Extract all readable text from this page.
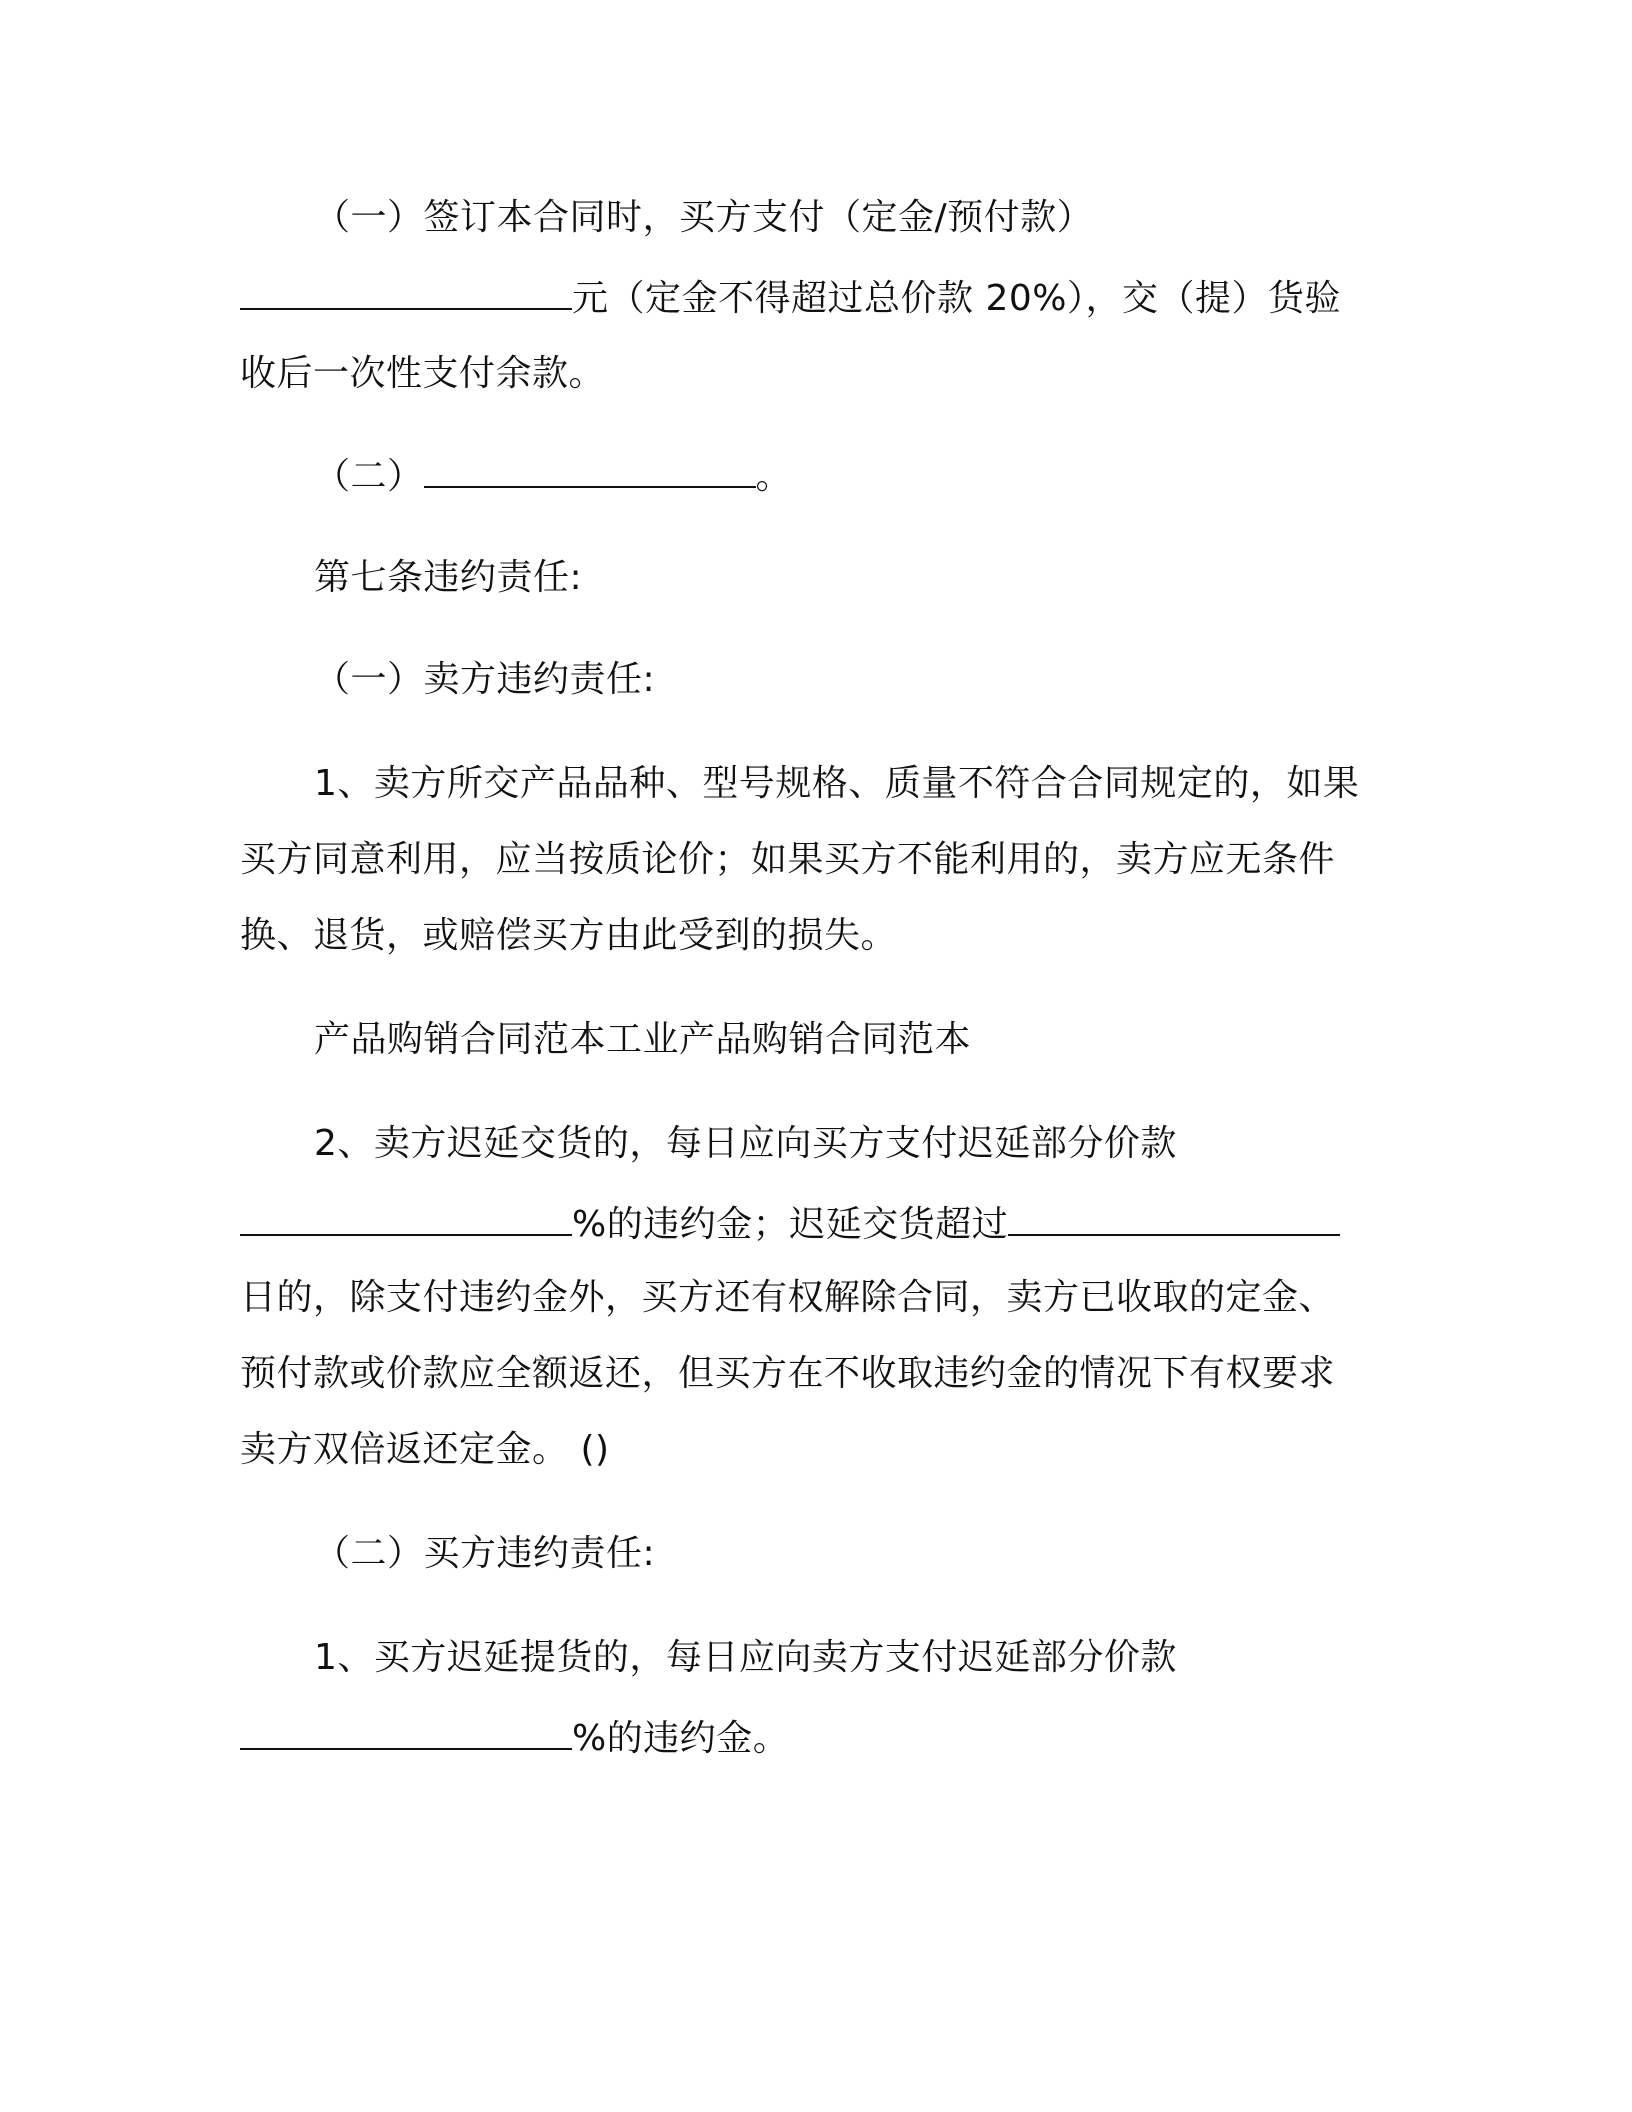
（一）签订本合同时，买方支付（定金/预付款）
元（定金不得超过总价款 20%），交（提）货验
收后一次性支付余款。
（二）	。
第七条违约责任:
（一）卖方违约责任:
1、卖方所交产品品种、型号规格、质量不符合合同规定的，如果
买方同意利用，应当按质论价；如果买方不能利用的，卖方应无条件
换、退货，或赔偿买方由此受到的损失。
产品购销合同范本工业产品购销合同范本
2、卖方迟延交货的，每日应向买方支付迟延部分价款
%的违约金；迟延交货超过
日的，除支付违约金外，买方还有权解除合同，卖方已收取的定金、
预付款或价款应全额返还，但买方在不收取违约金的情况下有权要求
卖方双倍返还定金。 ()
（二）买方违约责任:
1、买方迟延提货的，每日应向卖方支付迟延部分价款
%的违约金。
